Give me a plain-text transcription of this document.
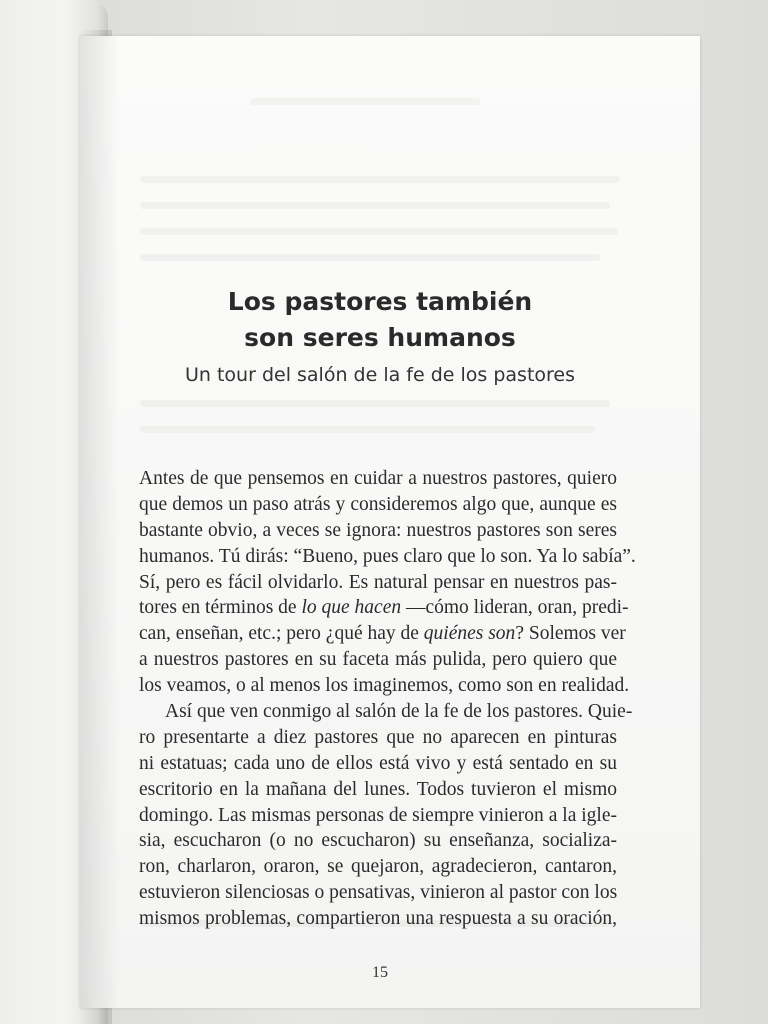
Los pastores también
son seres humanos

Un tour del salón de la fe de los pastores

Antes de que pensemos en cuidar a nuestros pastores, quiero
que demos un paso atrás y consideremos algo que, aunque es
bastante obvio, a veces se ignora: nuestros pastores son seres
humanos. Tú dirás: “Bueno, pues claro que lo son. Ya lo sabía”.
Sí, pero es fácil olvidarlo. Es natural pensar en nuestros pas-
tores en términos de lo que hacen —cómo lideran, oran, predi-
can, enseñan, etc.; pero ¿qué hay de quiénes son? Solemos ver
a nuestros pastores en su faceta más pulida, pero quiero que
los veamos, o al menos los imaginemos, como son en realidad.
Así que ven conmigo al salón de la fe de los pastores. Quie-
ro presentarte a diez pastores que no aparecen en pinturas
ni estatuas; cada uno de ellos está vivo y está sentado en su
escritorio en la mañana del lunes. Todos tuvieron el mismo
domingo. Las mismas personas de siempre vinieron a la igle-
sia, escucharon (o no escucharon) su enseñanza, socializa-
ron, charlaron, oraron, se quejaron, agradecieron, cantaron,
estuvieron silenciosas o pensativas, vinieron al pastor con los
mismos problemas, compartieron una respuesta a su oración,
15
